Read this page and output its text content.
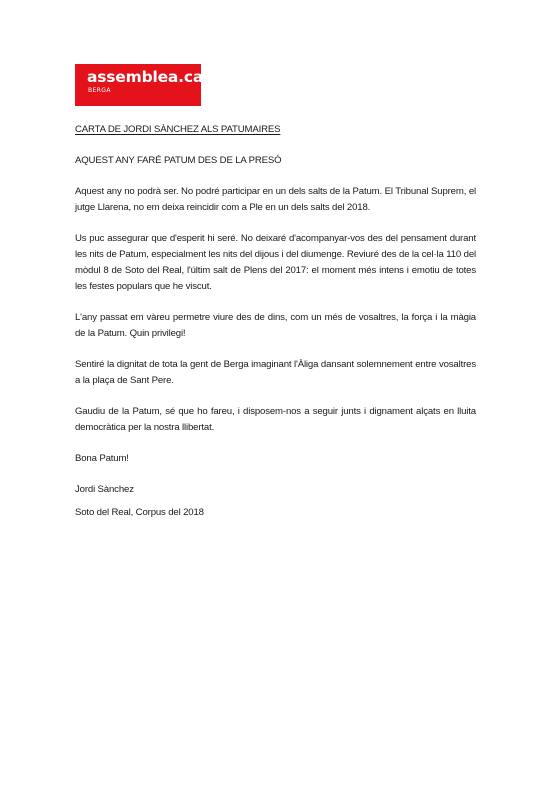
assemblea.cat
BERGA

CARTA DE JORDI SÀNCHEZ ALS PATUMAIRES

AQUEST ANY FARÉ PATUM DES DE LA PRESÓ

Aquest any no podrà ser. No podré participar en un dels salts de la Patum. El Tribunal Suprem, el jutge Llarena, no em deixa reincidir com a Ple en un dels salts del 2018.

Us puc assegurar que d'esperit hi seré. No deixaré d'acompanyar-vos des del pensament durant les nits de Patum, especialment les nits del dijous i del diumenge. Reviuré des de la cel·la 110 del mòdul 8 de Soto del Real, l'últim salt de Plens del 2017: el moment més intens i emotiu de totes les festes populars que he viscut.

L'any passat em vàreu permetre viure des de dins, com un més de vosaltres, la força i la màgia de la Patum. Quin privilegi!

Sentiré la dignitat de tota la gent de Berga imaginant l'Àliga dansant solemnement entre vosaltres a la plaça de Sant Pere.

Gaudiu de la Patum, sé que ho fareu, i disposem-nos a seguir junts i dignament alçats en lluita democràtica per la nostra llibertat.

Bona Patum!

Jordi Sànchez

Soto del Real, Corpus del 2018
